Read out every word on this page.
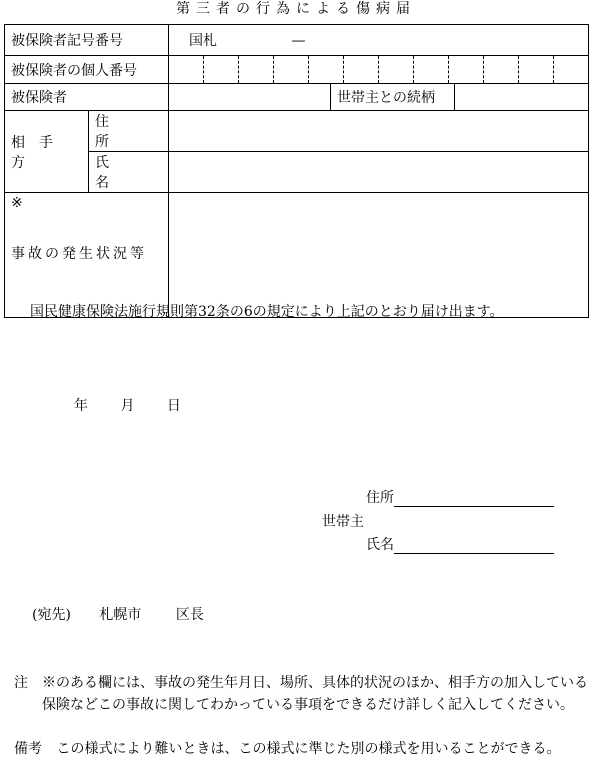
第三者の行為による傷病届
被保険者記号番号		国札 —		
被保険者の個人番号				

被保険者			世帯主との続柄	
相手方	住所			
	氏名			

※
事故の発生状況等				

国民健康保険法施行規則第32条の6の規定により上記のとおり届け出ます。
年 月 日
住所
世帯主
氏名
(宛先) 札幌市 区長
注	※のある欄には、事故の発生年月日、場所、具体的状況のほか、相手方の加入している保険などこの事故に関してわかっている事項をできるだけ詳しく記入してください。
備考 この様式により難いときは、この様式に準じた別の様式を用いることができる。
